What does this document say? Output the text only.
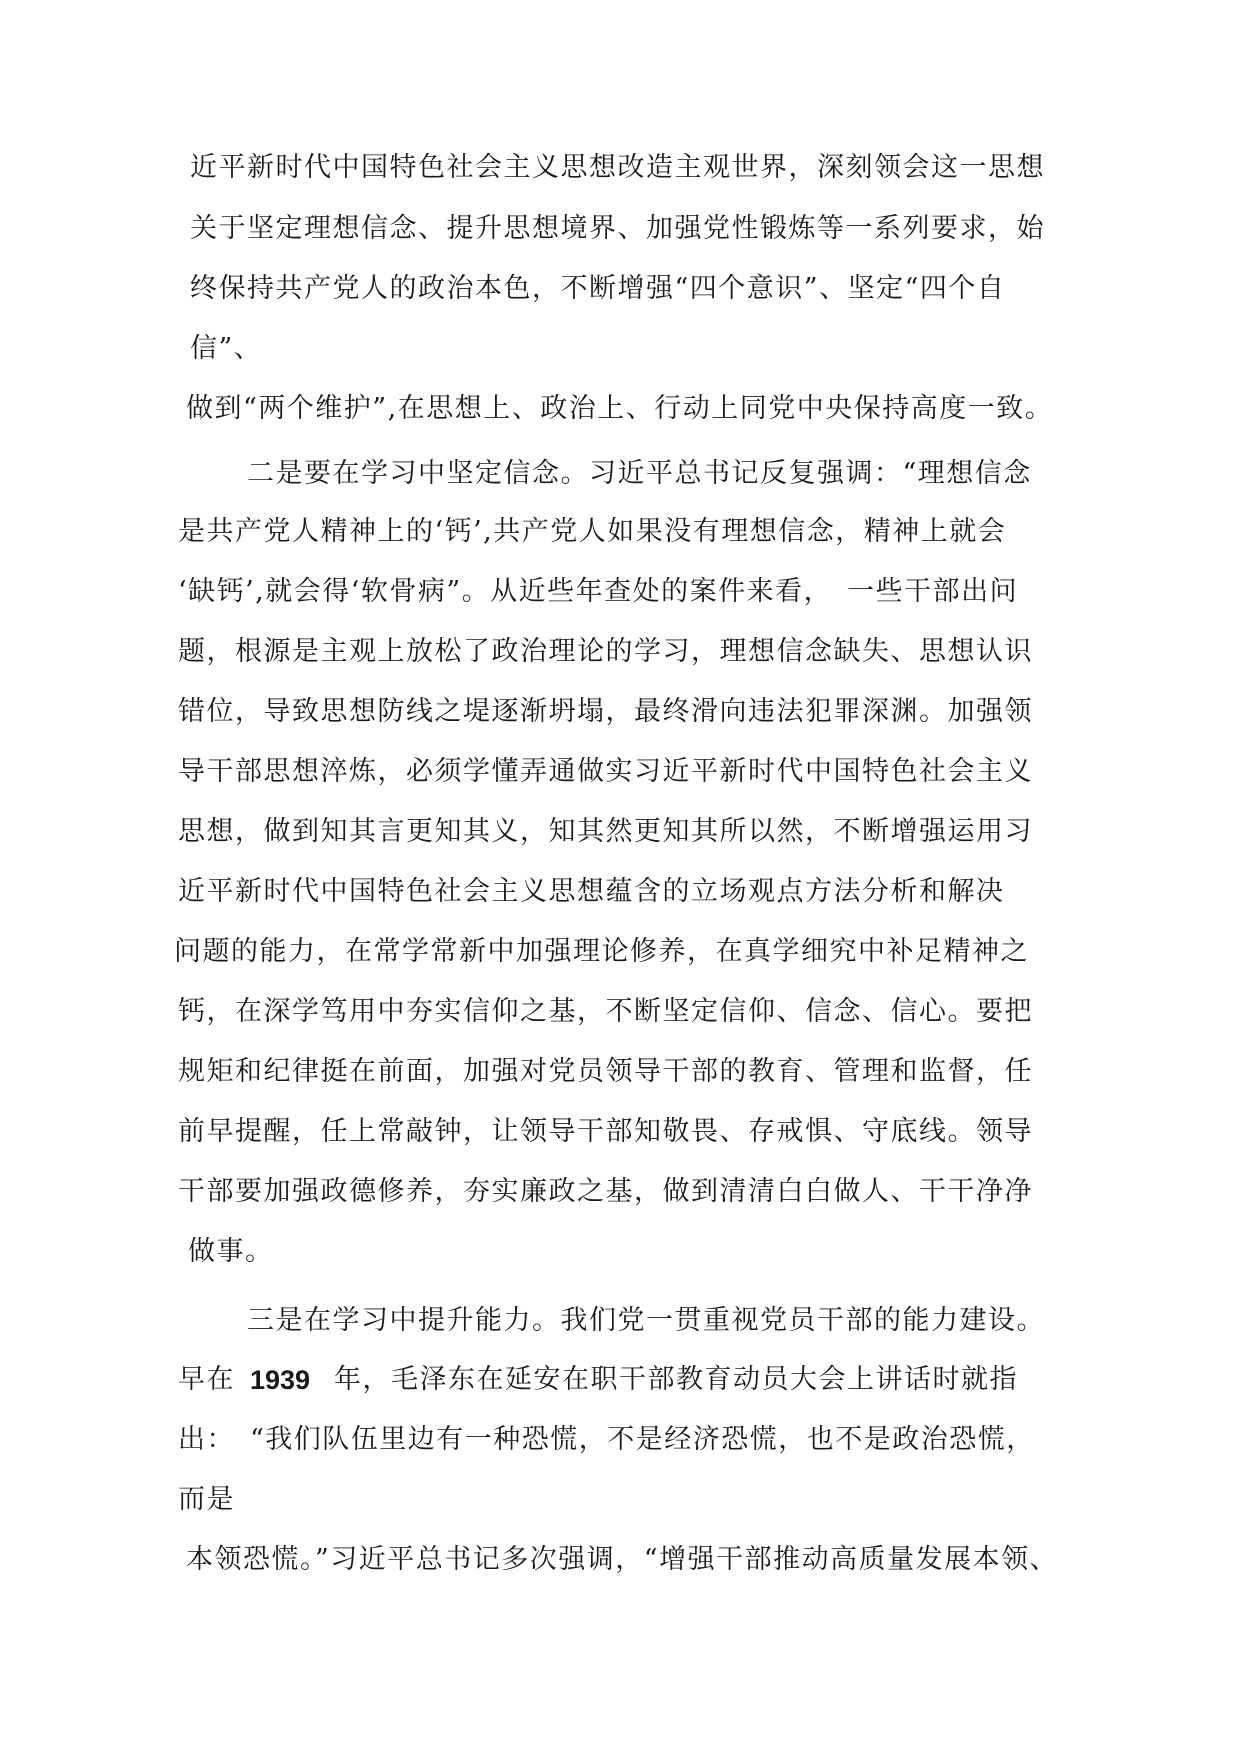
近平新时代中国特色社会主义思想改造主观世界，深刻领会这一思想
关于坚定理想信念、提升思想境界、加强党性锻炼等一系列要求，始
终保持共产党人的政治本色，不断增强“四个意识”、坚定“四个自
信”、
做到“两个维护”,在思想上、政治上、行动上同党中央保持高度一致。
二是要在学习中坚定信念。习近平总书记反复强调：“理想信念
是共产党人精神上的‘钙’,共产党人如果没有理想信念，精神上就会
‘缺钙’,就会得‘软骨病”。从近些年查处的案件来看，　一些干部出问
题，根源是主观上放松了政治理论的学习，理想信念缺失、思想认识
错位，导致思想防线之堤逐渐坍塌，最终滑向违法犯罪深渊。加强领
导干部思想淬炼，必须学懂弄通做实习近平新时代中国特色社会主义
思想，做到知其言更知其义，知其然更知其所以然，不断增强运用习
近平新时代中国特色社会主义思想蕴含的立场观点方法分析和解决
问题的能力，在常学常新中加强理论修养，在真学细究中补足精神之
钙，在深学笃用中夯实信仰之基，不断坚定信仰、信念、信心。要把
规矩和纪律挺在前面，加强对党员领导干部的教育、管理和监督，任
前早提醒，任上常敲钟，让领导干部知敬畏、存戒惧、守底线。领导
干部要加强政德修养，夯实廉政之基，做到清清白白做人、干干净净
做事。
三是在学习中提升能力。我们党一贯重视党员干部的能力建设。
早在 1939 年，毛泽东在延安在职干部教育动员大会上讲话时就指
出：　“我们队伍里边有一种恐慌，不是经济恐慌，也不是政治恐慌，
而是
本领恐慌。”习近平总书记多次强调，“增强干部推动高质量发展本领、
